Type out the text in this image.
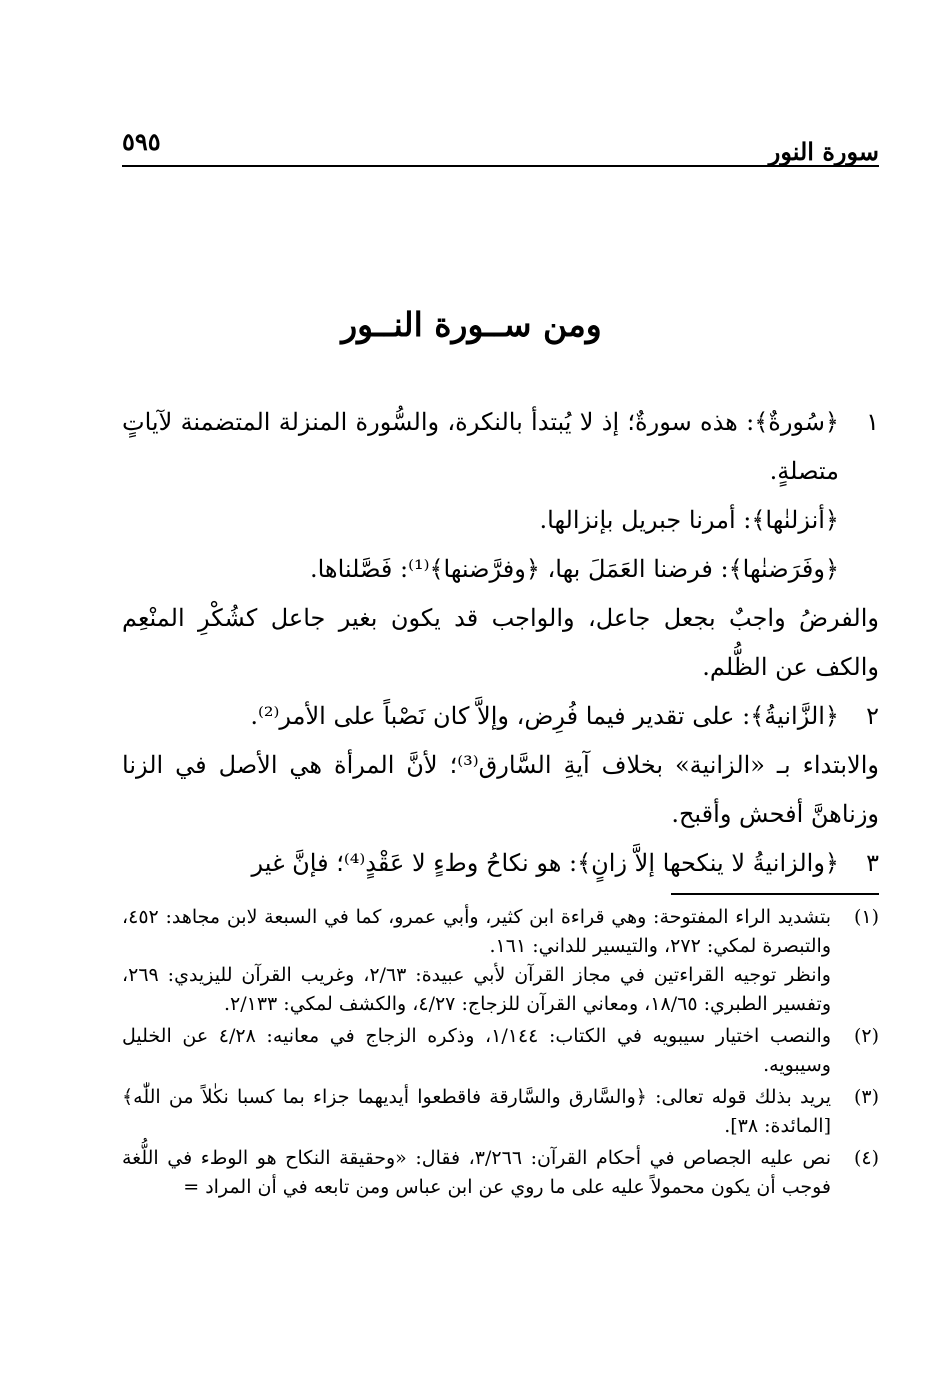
سورة النور
٥٩٥
ومن ســورة النــور

١
﴿سُورةٌ﴾: هذه سورةٌ؛ إذ لا يُبتدأ بالنكرة، والسُّورة المنزلة المتضمنة لآياتٍ متصلةٍ.

﴿أنزلنٰها﴾: أمرنا جبريل بإنزالها.

﴿وفَرَضنٰها﴾: فرضنا العَمَلَ بها، ﴿وفرَّضنها﴾⁽¹⁾: فَصَّلناها.

والفرضُ واجبٌ بجعل جاعل، والواجب قد يكون بغير جاعل كشُكْرِ المنْعِم والكف عن الظُّلم.

٢
﴿الزَّانيةُ﴾: على تقدير فيما فُرِض، وإلاَّ كان نَصْباً على الأمر⁽²⁾.

والابتداء بـ «الزانية» بخلاف آيةِ السَّارق⁽³⁾؛ لأنَّ المرأة هي الأصل في الزنا وزناهنَّ أفحش وأقبح.

٣
﴿والزانيةُ لا ينكحها إلاَّ زانٍ﴾: هو نكاحُ وطءٍ لا عَقْدٍ⁽⁴⁾؛ فإنَّ غير

(١)
بتشديد الراء المفتوحة: وهي قراءة ابن كثير، وأبي عمرو، كما في السبعة لابن مجاهد: ٤٥٢، والتبصرة لمكي: ٢٧٢، والتيسير للداني: ١٦١.
وانظر توجيه القراءتين في مجاز القرآن لأبي عبيدة: ٢/٦٣، وغريب القرآن لليزيدي: ٢٦٩، وتفسير الطبري: ١٨/٦٥، ومعاني القرآن للزجاج: ٤/٢٧، والكشف لمكي: ٢/١٣٣.
(٢)
والنصب اختيار سيبويه في الكتاب: ١/١٤٤، وذكره الزجاج في معانيه: ٤/٢٨ عن الخليل وسيبويه.
(٣)
يريد بذلك قوله تعالى: ﴿والسَّارق والسَّارقة فاقطعوا أيديهما جزاء بما كسبا نكٰلاً من اللّٰه﴾ [المائدة: ٣٨].
(٤)
نص عليه الجصاص في أحكام القرآن: ٣/٢٦٦، فقال: «وحقيقة النكاح هو الوطء في اللُّغة فوجب أن يكون محمولاً عليه على ما روي عن ابن عباس ومن تابعه في أن المراد =
